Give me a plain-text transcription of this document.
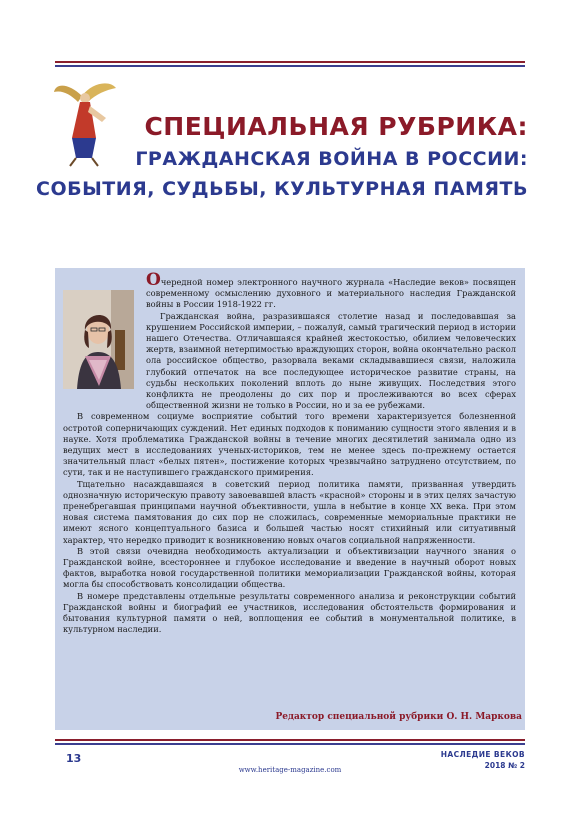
СПЕЦИАЛЬНАЯ РУБРИКА:
ГРАЖДАНСКАЯ ВОЙНА В РОССИИ:
СОБЫТИЯ, СУДЬБЫ, КУЛЬТУРНАЯ ПАМЯТЬ

Очередной номер электронного научного журнала «Наследие веков» посвящен современному осмыслению духовного и материального наследия Гражданской войны в России 1918-1922 гг.

Гражданская война, разразившаяся столетие назад и последовавшая за крушением Российской империи, – пожалуй, самый трагический период в истории нашего Отечества. Отличавшаяся крайней жестокостью, обилием человеческих жертв, взаимной нетерпимостью враждующих сторон, война окончательно раскол ола российское общество, разорвала веками складывавшиеся связи, наложила глубокий отпечаток на все последующее историческое развитие страны, на судьбы нескольких поколений вплоть до ныне живущих. Последствия этого конфликта не преодолены до сих пор и прослеживаются во всех сферах общественной жизни не только в России, но и за ее рубежами.

В современном социуме восприятие событий того времени характеризуется болезненной остротой соперничающих суждений. Нет единых подходов к пониманию сущности этого явления и в науке. Хотя проблематика Гражданской войны в течение многих десятилетий занимала одно из ведущих мест в исследованиях ученых-историков, тем не менее здесь по-прежнему остается значительный пласт «белых пятен», постижение которых чрезвычайно затруднено отсутствием, по сути, так и не наступившего гражданского примирения.

Тщательно насаждавшаяся в советский период политика памяти, призванная утвердить однозначную историческую правоту завоевавшей власть «красной» стороны и в этих целях зачастую пренебрегавшая принципами научной объективности, ушла в небытие в конце XX века. При этом новая система памятования до сих пор не сложилась, современные мемориальные практики не имеют ясного концептуального базиса и большей частью носят стихийный или ситуативный характер, что нередко приводит к возникновению новых очагов социальной напряженности.

В этой связи очевидна необходимость актуализации и объективизации научного знания о Гражданской войне, всестороннее и глубокое исследование и введение в научный оборот новых фактов, выработка новой государственной политики мемориализации Гражданской войны, которая могла бы способствовать консолидации общества.

В номере представлены отдельные результаты современного анализа и реконструкции событий Гражданской войны и биографий ее участников, исследования обстоятельств формирования и бытования культурной памяти о ней, воплощения ее событий в монументальной политике, в культурном наследии.

Редактор специальной рубрики О. Н. Маркова
13
www.heritage-magazine.com
НАСЛЕДИЕ ВЕКОВ
2018 № 2
